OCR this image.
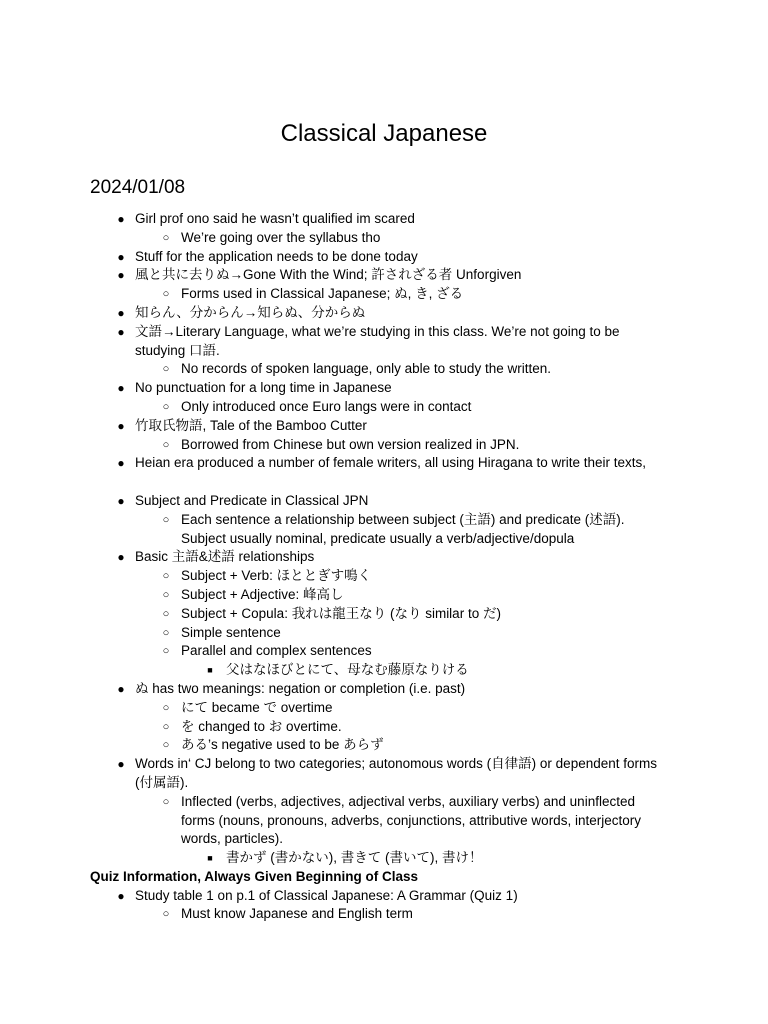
Classical Japanese
2024/01/08
● Girl prof ono said he wasn’t qualified im scared
○ We’re going over the syllabus tho
● Stuff for the application needs to be done today
● 風と共に去りぬ→Gone With the Wind; 許されざる者 Unforgiven
○ Forms used in Classical Japanese; ぬ, き, ざる
● 知らん、分からん→知らぬ、分からぬ
● 文語→Literary Language, what we’re studying in this class. We’re not going to be
studying 口語.
○ No records of spoken language, only able to study the written.
● No punctuation for a long time in Japanese
○ Only introduced once Euro langs were in contact
● 竹取氏物語, Tale of the Bamboo Cutter
○ Borrowed from Chinese but own version realized in JPN.
● Heian era produced a number of female writers, all using Hiragana to write their texts,
● Subject and Predicate in Classical JPN
○ Each sentence a relationship between subject (主語) and predicate (述語).
Subject usually nominal, predicate usually a verb/adjective/dopula
● Basic 主語&述語 relationships
○ Subject + Verb: ほととぎす鳴く
○ Subject + Adjective: 峰高し
○ Subject + Copula: 我れは龍王なり (なり similar to だ)
○ Simple sentence
○ Parallel and complex sentences
■ 父はなほびとにて、母なむ藤原なりける
● ぬ has two meanings: negation or completion (i.e. past)
○ にて became で overtime
○ を changed to お overtime.
○ ある’s negative used to be あらず
● Words in‘ CJ belong to two categories; autonomous words (自律語) or dependent forms
(付属語).
○ Inflected (verbs, adjectives, adjectival verbs, auxiliary verbs) and uninflected
forms (nouns, pronouns, adverbs, conjunctions, attributive words, interjectory
words, particles).
■ 書かず (書かない), 書きて (書いて), 書け！
Quiz Information, Always Given Beginning of Class
● Study table 1 on p.1 of Classical Japanese: A Grammar (Quiz 1)
○ Must know Japanese and English term
